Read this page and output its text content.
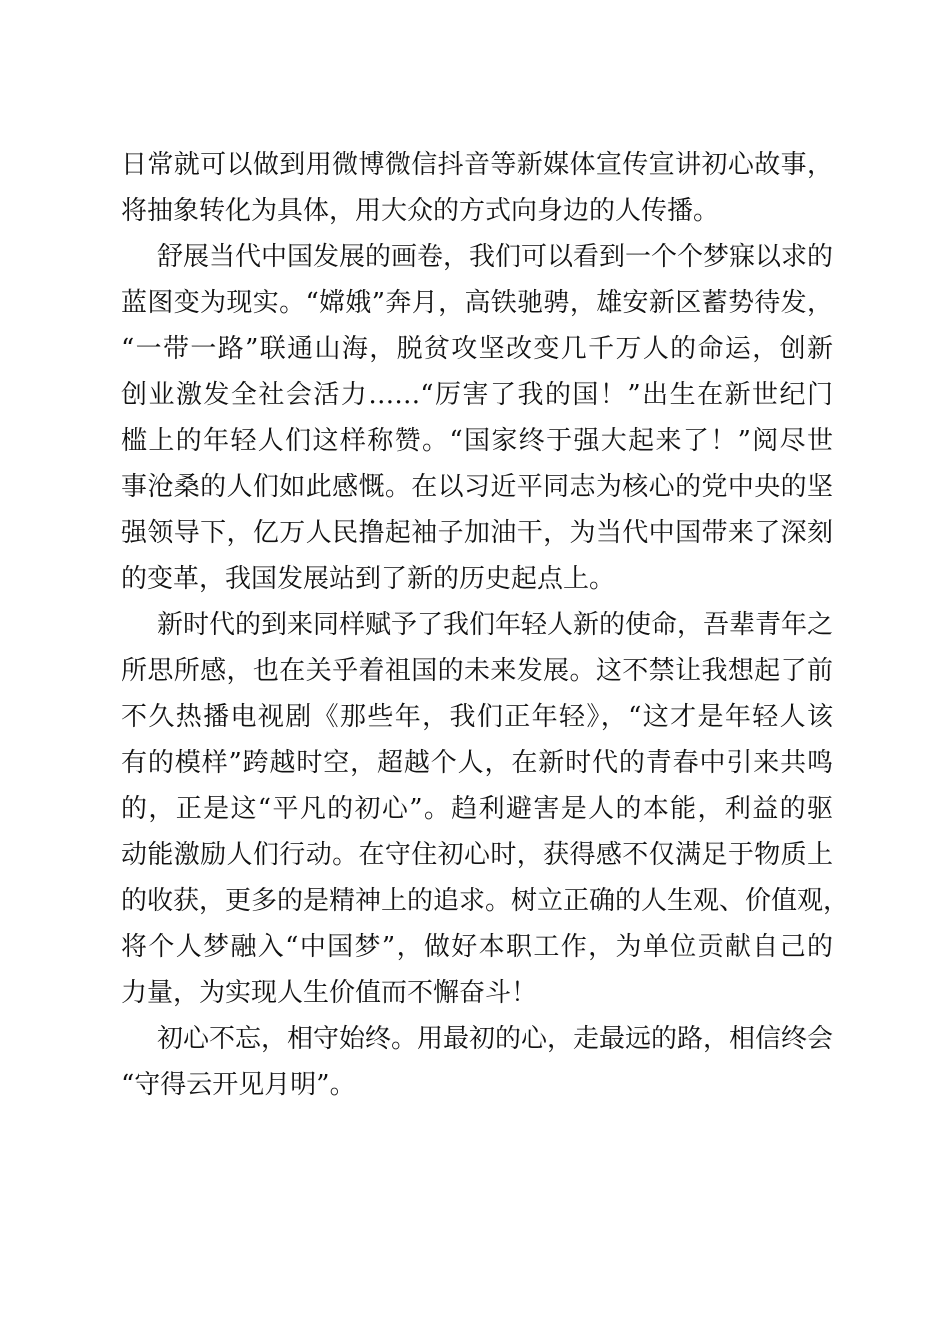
日常就可以做到用微博微信抖音等新媒体宣传宣讲初心故事，
将抽象转化为具体，用大众的方式向身边的人传播。
舒展当代中国发展的画卷，我们可以看到一个个梦寐以求的
蓝图变为现实。“嫦娥”奔月，高铁驰骋，雄安新区蓄势待发，
“一带一路”联通山海，脱贫攻坚改变几千万人的命运，创新
创业激发全社会活力……“厉害了我的国！”出生在新世纪门
槛上的年轻人们这样称赞。“国家终于强大起来了！”阅尽世
事沧桑的人们如此感慨。在以习近平同志为核心的党中央的坚
强领导下，亿万人民撸起袖子加油干，为当代中国带来了深刻
的变革，我国发展站到了新的历史起点上。
新时代的到来同样赋予了我们年轻人新的使命，吾辈青年之
所思所感，也在关乎着祖国的未来发展。这不禁让我想起了前
不久热播电视剧《那些年，我们正年轻》，“这才是年轻人该
有的模样”跨越时空，超越个人，在新时代的青春中引来共鸣
的，正是这“平凡的初心”。趋利避害是人的本能，利益的驱
动能激励人们行动。在守住初心时，获得感不仅满足于物质上
的收获，更多的是精神上的追求。树立正确的人生观、价值观，
将个人梦融入“中国梦”，做好本职工作，为单位贡献自己的
力量，为实现人生价值而不懈奋斗！
初心不忘，相守始终。用最初的心，走最远的路，相信终会
“守得云开见月明”。
